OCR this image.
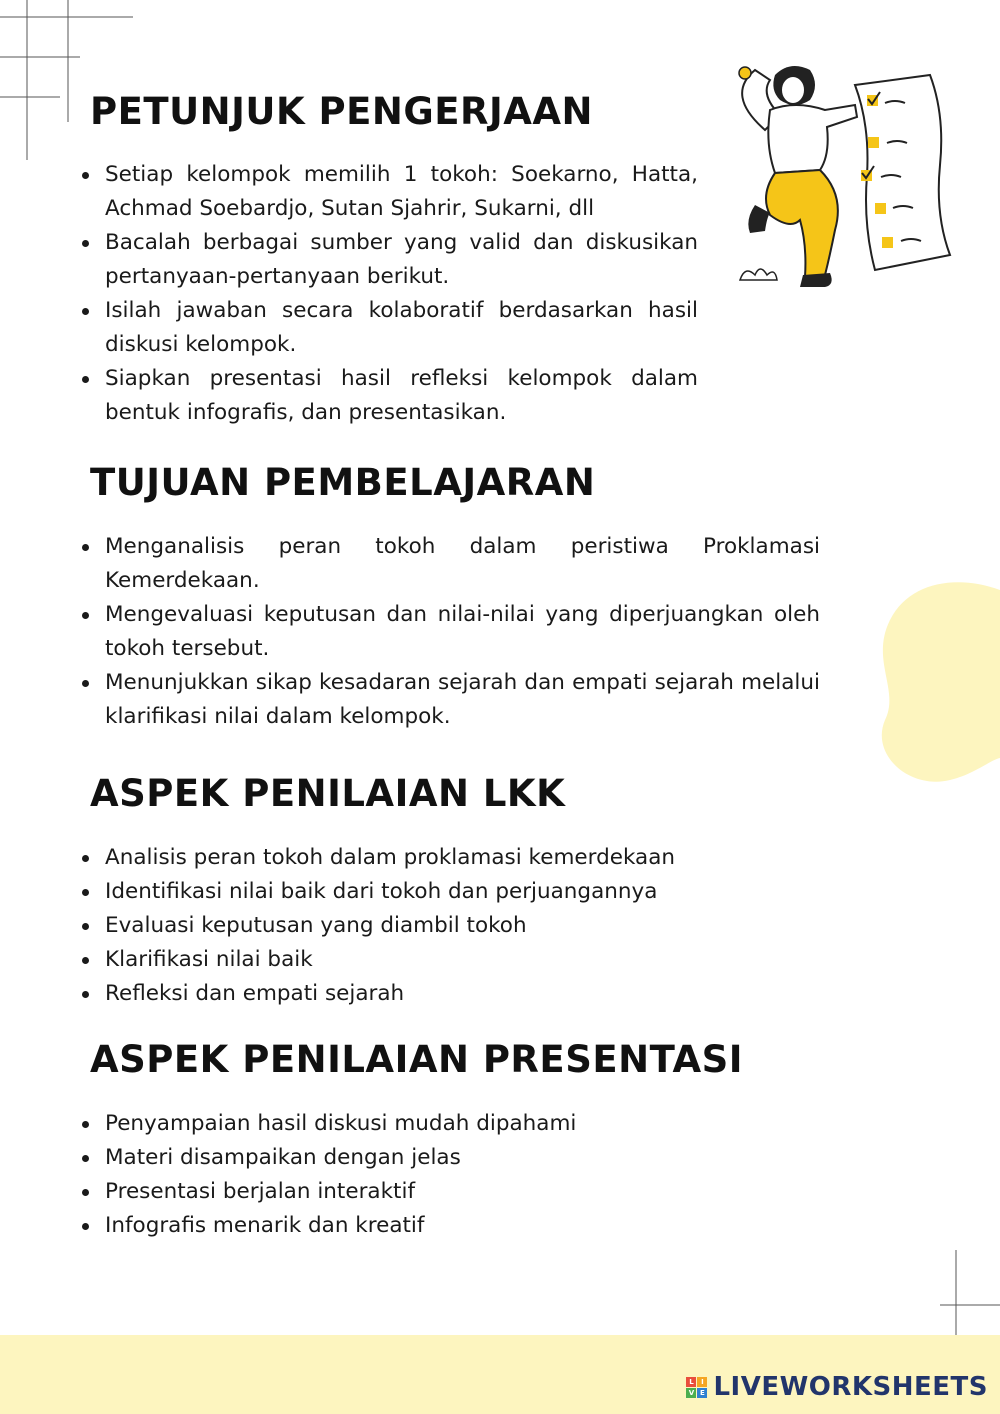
PETUNJUK PENGERJAAN
Setiap kelompok memilih 1 tokoh: Soekarno, Hatta, Achmad Soebardjo, Sutan Sjahrir, Sukarni, dll
Bacalah berbagai sumber yang valid dan diskusikan pertanyaan-pertanyaan berikut.
Isilah jawaban secara kolaboratif berdasarkan hasil diskusi kelompok.
Siapkan presentasi hasil refleksi kelompok dalam bentuk infografis, dan presentasikan.
TUJUAN PEMBELAJARAN
Menganalisis peran tokoh dalam peristiwa Proklamasi Kemerdekaan.
Mengevaluasi keputusan dan nilai-nilai yang diperjuangkan oleh tokoh tersebut.
Menunjukkan sikap kesadaran sejarah dan empati sejarah melalui klarifikasi nilai dalam kelompok.
ASPEK PENILAIAN LKK
Analisis peran tokoh dalam proklamasi kemerdekaan
Identifikasi nilai baik dari tokoh dan perjuangannya
Evaluasi keputusan yang diambil tokoh
Klarifikasi nilai baik
Refleksi dan empati sejarah
ASPEK PENILAIAN PRESENTASI
Penyampaian hasil diskusi mudah dipahami
Materi disampaikan dengan jelas
Presentasi berjalan interaktif
Infografis menarik dan kreatif
L	I
V E LIVEWORKSHEETS
